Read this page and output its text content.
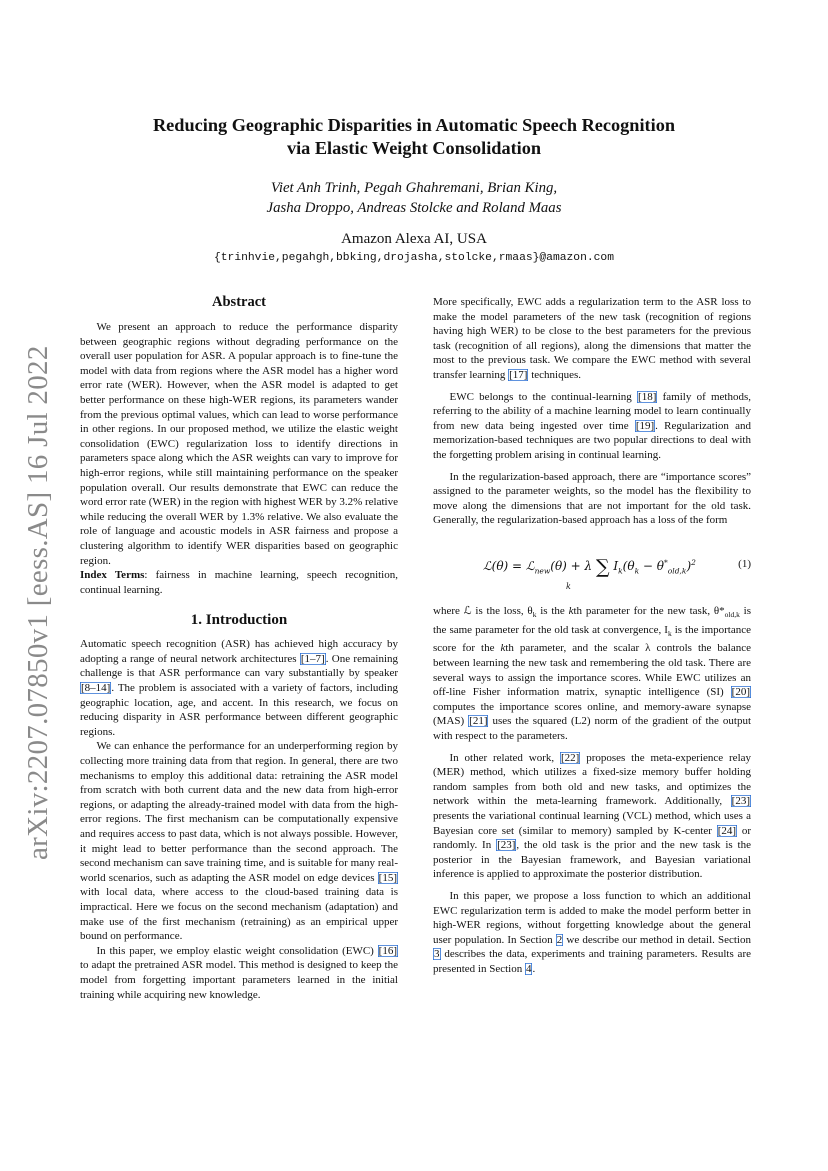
arXiv:2207.07850v1 [eess.AS] 16 Jul 2022
Reducing Geographic Disparities in Automatic Speech Recognition
via Elastic Weight Consolidation
Viet Anh Trinh, Pegah Ghahremani, Brian King,
Jasha Droppo, Andreas Stolcke and Roland Maas
Amazon Alexa AI, USA
{trinhvie,pegahgh,bbking,drojasha,stolcke,rmaas}@amazon.com
Abstract

We present an approach to reduce the performance disparity between geographic regions without degrading performance on the overall user population for ASR. A popular approach is to fine-tune the model with data from regions where the ASR model has a higher word error rate (WER). However, when the ASR model is adapted to get better performance on these high-WER regions, its parameters wander from the previous optimal values, which can lead to worse performance in other regions. In our proposed method, we utilize the elastic weight consolidation (EWC) regularization loss to identify directions in parameters space along which the ASR weights can vary to improve for high-error regions, while still maintaining performance on the speaker population overall. Our results demonstrate that EWC can reduce the word error rate (WER) in the region with highest WER by 3.2% relative while reducing the overall WER by 1.3% relative. We also evaluate the role of language and acoustic models in ASR fairness and propose a clustering algorithm to identify WER disparities based on geographic region.

Index Terms: fairness in machine learning, speech recognition, continual learning.

1. Introduction

Automatic speech recognition (ASR) has achieved high accuracy by adopting a range of neural network architectures [1–7]. One remaining challenge is that ASR performance can vary substantially by speaker [8–14]. The problem is associated with a variety of factors, including geographic location, age, and accent. In this research, we focus on reducing disparity in ASR performance between different geographic regions.

We can enhance the performance for an underperforming region by collecting more training data from that region. In general, there are two mechanisms to employ this additional data: retraining the ASR model from scratch with both current data and the new data from high-error regions, or adapting the already-trained model with data from the high-error regions. The first mechanism can be computationally expensive and requires access to past data, which is not always possible. However, it might lead to better performance than the second approach. The second mechanism can save training time, and is suitable for many real-world scenarios, such as adapting the ASR model on edge devices [15] with local data, where access to the cloud-based training data is impractical. Here we focus on the second mechanism (adaptation) and make use of the first mechanism (retraining) as an empirical upper bound on performance.

In this paper, we employ elastic weight consolidation (EWC) [16] to adapt the pretrained ASR model. This method is designed to keep the model from forgetting important parameters learned in the initial training while acquiring new knowledge.

More specifically, EWC adds a regularization term to the ASR loss to make the model parameters of the new task (recognition of regions having high WER) to be close to the best parameters for the previous task (recognition of all regions), along the dimensions that matter the most to the previous task. We compare the EWC method with several transfer learning [17] techniques.

EWC belongs to the continual-learning [18] family of methods, referring to the ability of a machine learning model to learn continually from new data being ingested over time [19]. Regularization and memorization-based techniques are two popular directions to deal with the forgetting problem arising in continual learning.

In the regularization-based approach, there are “importance scores” assigned to the parameter weights, so the model has the flexibility to move along the dimensions that are not important for the old task. Generally, the regularization-based approach has a loss of the form

ℒ(θ) = ℒ$_{new}$(θ) + λ ∑ $I_k(\theta_k - \theta^*_{old,k})^2$
k
(1)

where ℒ is the loss, $\theta_k$ is the kth parameter for the new task, $\theta*_{old,k}$ is the same parameter for the old task at convergence, $I_k$ is the importance score for the kth parameter, and the scalar λ controls the balance between learning the new task and remembering the old task. There are several ways to assign the importance scores. While EWC utilizes an off-line Fisher information matrix, synaptic intelligence (SI) [20] computes the importance scores online, and memory-aware synapse (MAS) [21] uses the squared (L2) norm of the gradient of the output with respect to the parameters.

In other related work, [22] proposes the meta-experience relay (MER) method, which utilizes a fixed-size memory buffer holding random samples from both old and new tasks, and optimizes the network within the meta-learning framework. Additionally, [23] presents the variational continual learning (VCL) method, which uses a Bayesian core set (similar to memory) sampled by K-center [24] or randomly. In [23], the old task is the prior and the new task is the posterior in the Bayesian framework, and Bayesian variational inference is applied to approximate the posterior distribution.

In this paper, we propose a loss function to which an additional EWC regularization term is added to make the model perform better in high-WER regions, without forgetting knowledge about the general user population. In Section 2 we describe our method in detail. Section 3 describes the data, experiments and training parameters. Results are presented in Section 4.
